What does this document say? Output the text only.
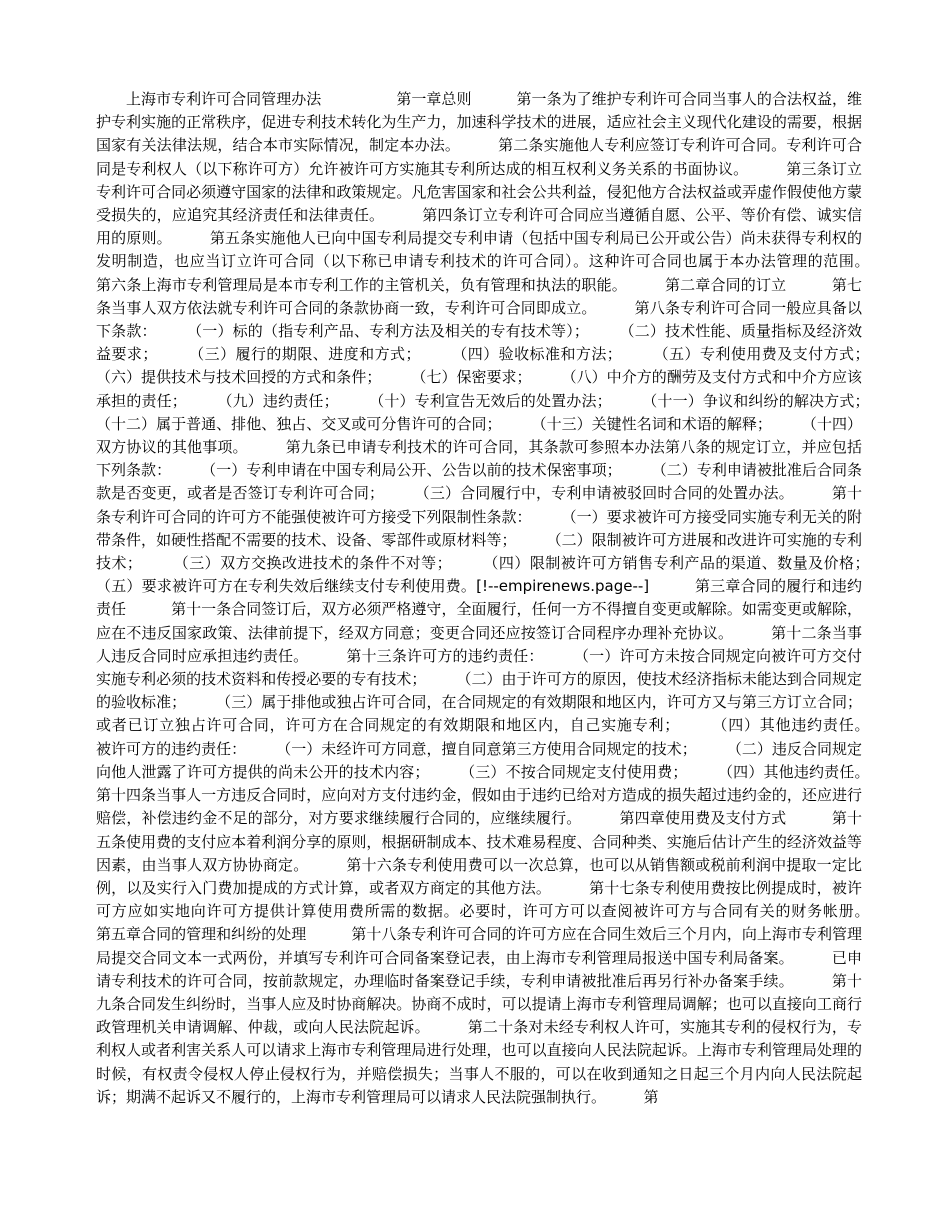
上海市专利许可合同管理办法　　　　　第一章总则　　　第一条为了维护专利许可合同当事人的合法权益，维护专利实施的正常秩序，促进专利技术转化为生产力，加速科学技术的进展，适应社会主义现代化建设的需要，根据国家有关法律法规，结合本市实际情况，制定本办法。　　　第二条实施他人专利应签订专利许可合同。专利许可合同是专利权人（以下称许可方）允许被许可方实施其专利所达成的相互权利义务关系的书面协议。　　　第三条订立专利许可合同必须遵守国家的法律和政策规定。凡危害国家和社会公共利益，侵犯他方合法权益或弄虚作假使他方蒙受损失的，应追究其经济责任和法律责任。　　　第四条订立专利许可合同应当遵循自愿、公平、等价有偿、诚实信用的原则。　　　第五条实施他人已向中国专利局提交专利申请（包括中国专利局已公开或公告）尚未获得专利权的发明制造，也应当订立许可合同（以下称已申请专利技术的许可合同）。这种许可合同也属于本办法管理的范围。　　　第六条上海市专利管理局是本市专利工作的主管机关，负有管理和执法的职能。　　　第二章合同的订立　　　第七条当事人双方依法就专利许可合同的条款协商一致，专利许可合同即成立。　　　第八条专利许可合同一般应具备以下条款：　　　（一）标的（指专利产品、专利方法及相关的专有技术等）；　　　（二）技术性能、质量指标及经济效益要求；　　　（三）履行的期限、进度和方式；　　　（四）验收标准和方法；　　　（五）专利使用费及支付方式；　　　（六）提供技术与技术回授的方式和条件；　　　（七）保密要求；　　　（八）中介方的酬劳及支付方式和中介方应该承担的责任；　　　（九）违约责任；　　　（十）专利宣告无效后的处置办法；　　　（十一）争议和纠纷的解决方式；　　　（十二）属于普通、排他、独占、交叉或可分售许可的合同；　　　（十三）关键性名词和术语的解释；　　　（十四）双方协议的其他事项。　　　第九条已申请专利技术的许可合同，其条款可参照本办法第八条的规定订立，并应包括下列条款：　　　（一）专利申请在中国专利局公开、公告以前的技术保密事项；　　　（二）专利申请被批准后合同条款是否变更，或者是否签订专利许可合同；　　　（三）合同履行中，专利申请被驳回时合同的处置办法。　　　第十条专利许可合同的许可方不能强使被许可方接受下列限制性条款：　　　（一）要求被许可方接受同实施专利无关的附带条件，如硬性搭配不需要的技术、设备、零部件或原材料等；　　　（二）限制被许可方进展和改进许可实施的专利技术；　　　（三）双方交换改进技术的条件不对等；　　　（四）限制被许可方销售专利产品的渠道、数量及价格；　　　（五）要求被许可方在专利失效后继续支付专利使用费。[!--empirenews.page--]　　　第三章合同的履行和违约责任　　　第十一条合同签订后，双方必须严格遵守，全面履行，任何一方不得擅自变更或解除。如需变更或解除，应在不违反国家政策、法律前提下，经双方同意；变更合同还应按签订合同程序办理补充协议。　　　第十二条当事人违反合同时应承担违约责任。　　　第十三条许可方的违约责任：　　　（一）许可方未按合同规定向被许可方交付实施专利必须的技术资料和传授必要的专有技术；　　　（二）由于许可方的原因，使技术经济指标未能达到合同规定的验收标准；　　　（三）属于排他或独占许可合同，在合同规定的有效期限和地区内，许可方又与第三方订立合同；或者已订立独占许可合同，许可方在合同规定的有效期限和地区内，自己实施专利；　　　（四）其他违约责任。　　　被许可方的违约责任：　　　（一）未经许可方同意，擅自同意第三方使用合同规定的技术；　　　（二）违反合同规定向他人泄露了许可方提供的尚未公开的技术内容；　　　（三）不按合同规定支付使用费；　　　（四）其他违约责任。　　　第十四条当事人一方违反合同时，应向对方支付违约金，假如由于违约已给对方造成的损失超过违约金的，还应进行赔偿，补偿违约金不足的部分，对方要求继续履行合同的，应继续履行。　　　第四章使用费及支付方式　　　第十五条使用费的支付应本着利润分享的原则，根据研制成本、技术难易程度、合同种类、实施后估计产生的经济效益等因素，由当事人双方协协商定。　　　第十六条专利使用费可以一次总算，也可以从销售额或税前利润中提取一定比例，以及实行入门费加提成的方式计算，或者双方商定的其他方法。　　　第十七条专利使用费按比例提成时，被许可方应如实地向许可方提供计算使用费所需的数据。必要时，许可方可以查阅被许可方与合同有关的财务帐册。　　　第五章合同的管理和纠纷的处理　　　第十八条专利许可合同的许可方应在合同生效后三个月内，向上海市专利管理局提交合同文本一式两份，并填写专利许可合同备案登记表，由上海市专利管理局报送中国专利局备案。　　　已申请专利技术的许可合同，按前款规定，办理临时备案登记手续，专利申请被批准后再另行补办备案手续。　　　第十九条合同发生纠纷时，当事人应及时协商解决。协商不成时，可以提请上海市专利管理局调解；也可以直接向工商行政管理机关申请调解、仲裁，或向人民法院起诉。　　　第二十条对未经专利权人许可，实施其专利的侵权行为，专利权人或者利害关系人可以请求上海市专利管理局进行处理，也可以直接向人民法院起诉。上海市专利管理局处理的时候，有权责令侵权人停止侵权行为，并赔偿损失；当事人不服的，可以在收到通知之日起三个月内向人民法院起诉；期满不起诉又不履行的，上海市专利管理局可以请求人民法院强制执行。　　　第
